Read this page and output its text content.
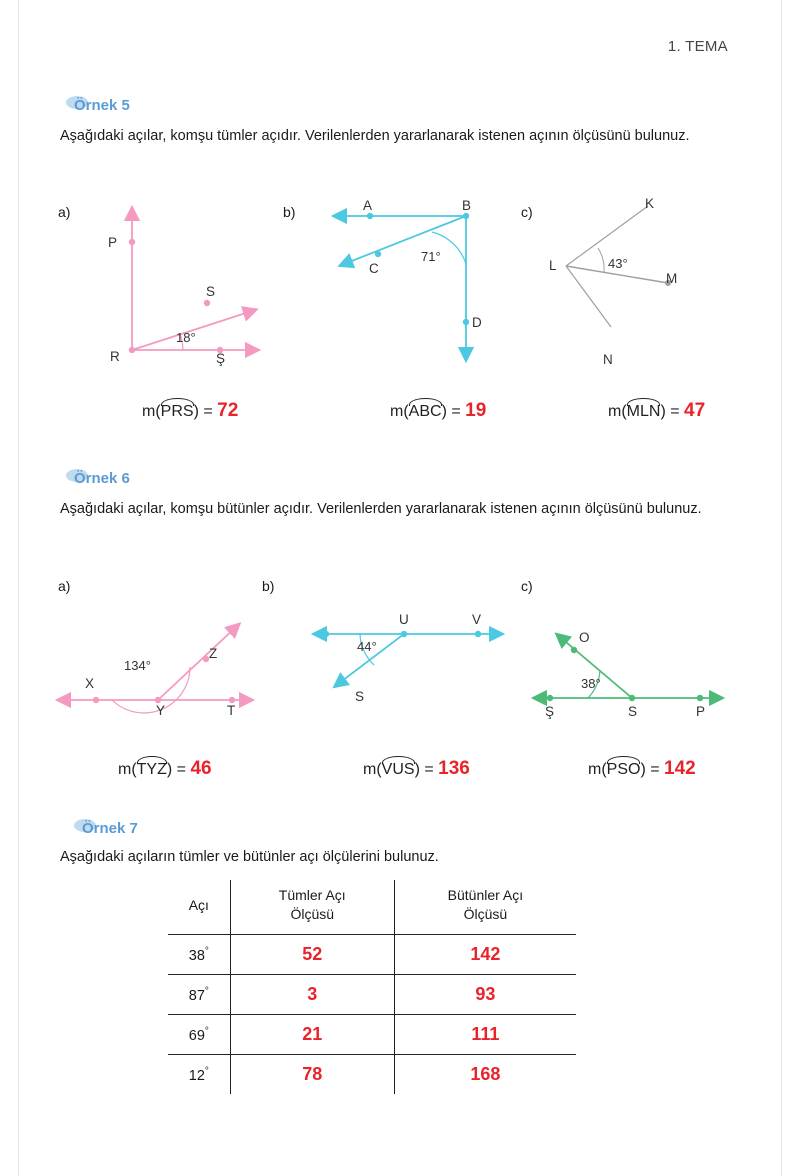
1. TEMA
Örnek 5
Aşağıdaki açılar, komşu tümler açıdır. Verilenlerden yararlanarak istenen açının ölçüsünü bulunuz.
a)	b)	c)
P
S
R	Ş
18°
A	B
C
D
71°
K
L
M
N
43°
m(PRS) = 72	m(ABC) = 19	m(MLN) = 47
Örnek 6
Aşağıdaki açılar, komşu bütünler açıdır. Verilenlerden yararlanarak istenen açının ölçüsünü bulunuz.
a)	b)	c)
X
Y
Z
T
134°
U	V
S
44°
O
Ş	S	P
38°
m(TYZ) = 46	m(VUS) = 136	m(PSO) = 142
Örnek 7
Aşağıdaki açıların tümler ve bütünler açı ölçülerini bulunuz.
Açı

Tümler Açı
Ölçüsü

Bütünler Açı
Ölçüsü

38°	52	142
87°	3	93
69°	21	111
12°	78	168
